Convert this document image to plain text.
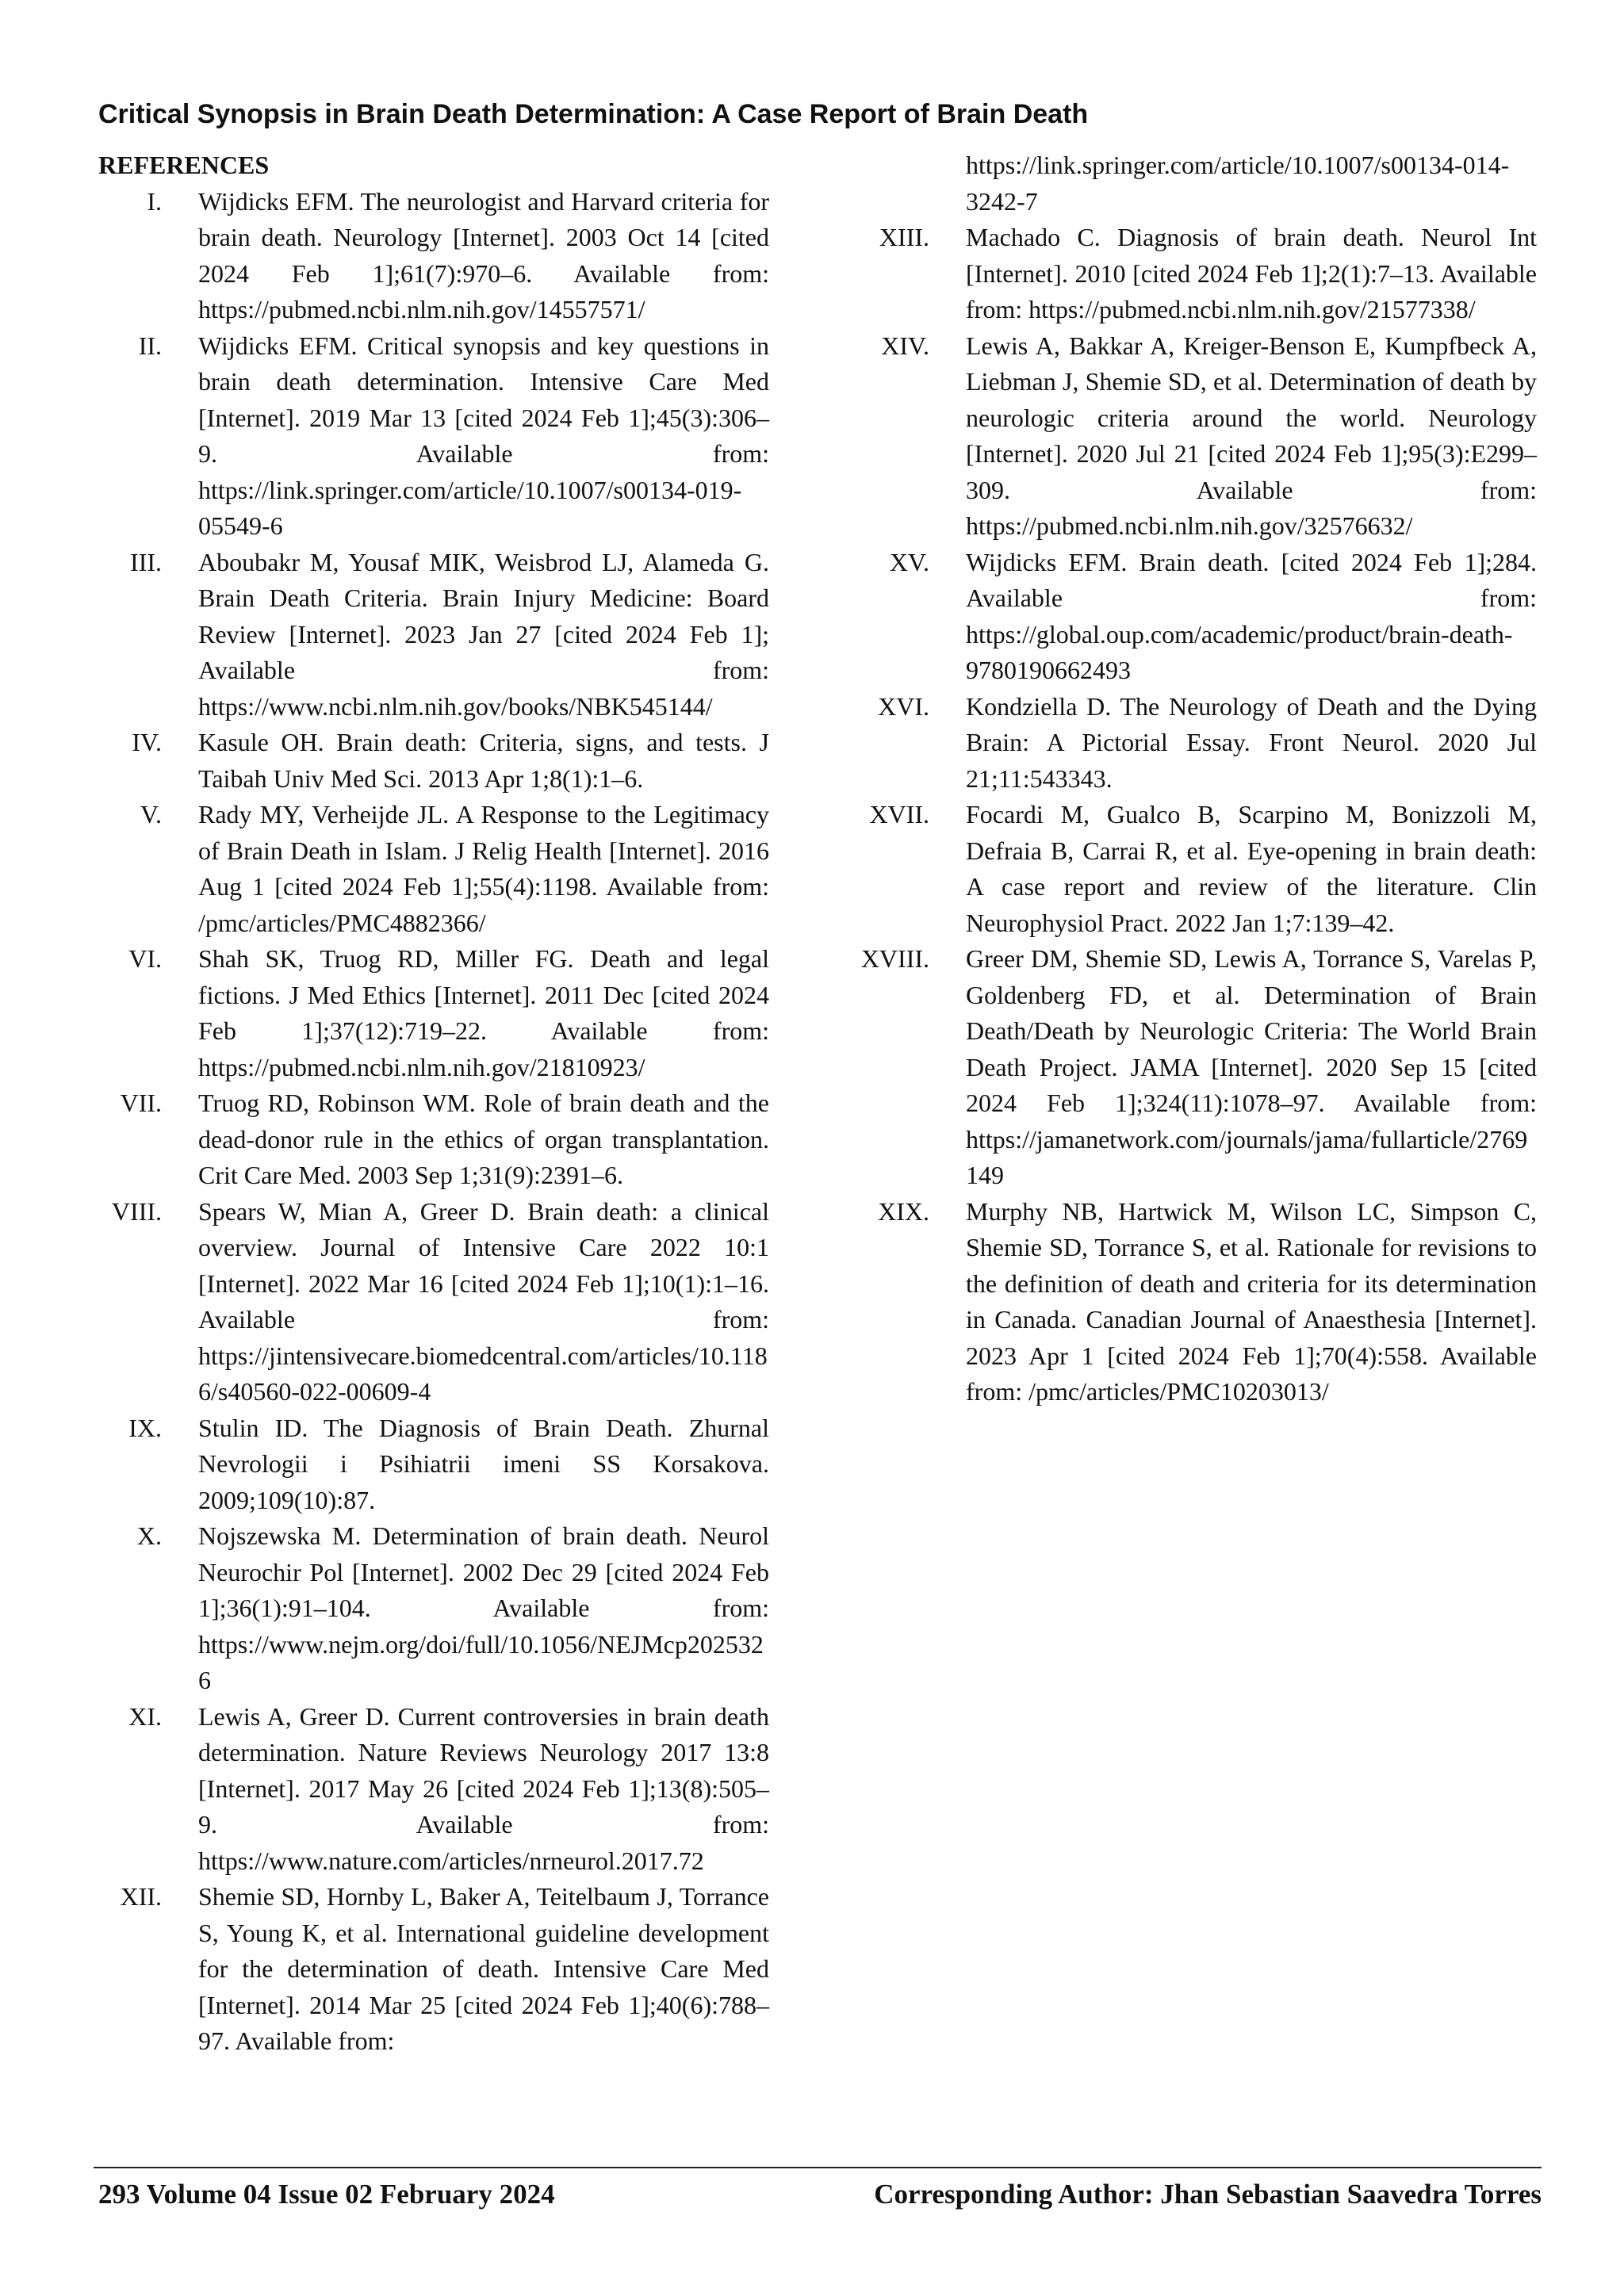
Critical Synopsis in Brain Death Determination: A Case Report of Brain Death
REFERENCES
I. Wijdicks EFM. The neurologist and Harvard criteria for brain death. Neurology [Internet]. 2003 Oct 14 [cited 2024 Feb 1];61(7):970–6. Available from: https://pubmed.ncbi.nlm.nih.gov/14557571/
II. Wijdicks EFM. Critical synopsis and key questions in brain death determination. Intensive Care Med [Internet]. 2019 Mar 13 [cited 2024 Feb 1];45(3):306–9. Available from: https://link.springer.com/article/10.1007/s00134-019-05549-6
III. Aboubakr M, Yousaf MIK, Weisbrod LJ, Alameda G. Brain Death Criteria. Brain Injury Medicine: Board Review [Internet]. 2023 Jan 27 [cited 2024 Feb 1]; Available from: https://www.ncbi.nlm.nih.gov/books/NBK545144/
IV. Kasule OH. Brain death: Criteria, signs, and tests. J Taibah Univ Med Sci. 2013 Apr 1;8(1):1–6.
V. Rady MY, Verheijde JL. A Response to the Legitimacy of Brain Death in Islam. J Relig Health [Internet]. 2016 Aug 1 [cited 2024 Feb 1];55(4):1198. Available from: /pmc/articles/PMC4882366/
VI. Shah SK, Truog RD, Miller FG. Death and legal fictions. J Med Ethics [Internet]. 2011 Dec [cited 2024 Feb 1];37(12):719–22. Available from: https://pubmed.ncbi.nlm.nih.gov/21810923/
VII. Truog RD, Robinson WM. Role of brain death and the dead-donor rule in the ethics of organ transplantation. Crit Care Med. 2003 Sep 1;31(9):2391–6.
VIII. Spears W, Mian A, Greer D. Brain death: a clinical overview. Journal of Intensive Care 2022 10:1 [Internet]. 2022 Mar 16 [cited 2024 Feb 1];10(1):1–16. Available from: https://jintensivecare.biomedcentral.com/articles/10.1186/s40560-022-00609-4
IX. Stulin ID. The Diagnosis of Brain Death. Zhurnal Nevrologii i Psihiatrii imeni SS Korsakova. 2009;109(10):87.
X. Nojszewska M. Determination of brain death. Neurol Neurochir Pol [Internet]. 2002 Dec 29 [cited 2024 Feb 1];36(1):91–104. Available from: https://www.nejm.org/doi/full/10.1056/NEJMcp2025326
XI. Lewis A, Greer D. Current controversies in brain death determination. Nature Reviews Neurology 2017 13:8 [Internet]. 2017 May 26 [cited 2024 Feb 1];13(8):505–9. Available from: https://www.nature.com/articles/nrneurol.2017.72
XII. Shemie SD, Hornby L, Baker A, Teitelbaum J, Torrance S, Young K, et al. International guideline development for the determination of death. Intensive Care Med [Internet]. 2014 Mar 25 [cited 2024 Feb 1];40(6):788–97. Available from:
https://link.springer.com/article/10.1007/s00134-014-3242-7
XIII. Machado C. Diagnosis of brain death. Neurol Int [Internet]. 2010 [cited 2024 Feb 1];2(1):7–13. Available from: https://pubmed.ncbi.nlm.nih.gov/21577338/
XIV. Lewis A, Bakkar A, Kreiger-Benson E, Kumpfbeck A, Liebman J, Shemie SD, et al. Determination of death by neurologic criteria around the world. Neurology [Internet]. 2020 Jul 21 [cited 2024 Feb 1];95(3):E299–309. Available from: https://pubmed.ncbi.nlm.nih.gov/32576632/
XV. Wijdicks EFM. Brain death. [cited 2024 Feb 1];284. Available from: https://global.oup.com/academic/product/brain-death-9780190662493
XVI. Kondziella D. The Neurology of Death and the Dying Brain: A Pictorial Essay. Front Neurol. 2020 Jul 21;11:543343.
XVII. Focardi M, Gualco B, Scarpino M, Bonizzoli M, Defraia B, Carrai R, et al. Eye-opening in brain death: A case report and review of the literature. Clin Neurophysiol Pract. 2022 Jan 1;7:139–42.
XVIII. Greer DM, Shemie SD, Lewis A, Torrance S, Varelas P, Goldenberg FD, et al. Determination of Brain Death/Death by Neurologic Criteria: The World Brain Death Project. JAMA [Internet]. 2020 Sep 15 [cited 2024 Feb 1];324(11):1078–97. Available from: https://jamanetwork.com/journals/jama/fullarticle/2769149
XIX. Murphy NB, Hartwick M, Wilson LC, Simpson C, Shemie SD, Torrance S, et al. Rationale for revisions to the definition of death and criteria for its determination in Canada. Canadian Journal of Anaesthesia [Internet]. 2023 Apr 1 [cited 2024 Feb 1];70(4):558. Available from: /pmc/articles/PMC10203013/
293 Volume 04 Issue 02 February 2024	Corresponding Author: Jhan Sebastian Saavedra Torres
